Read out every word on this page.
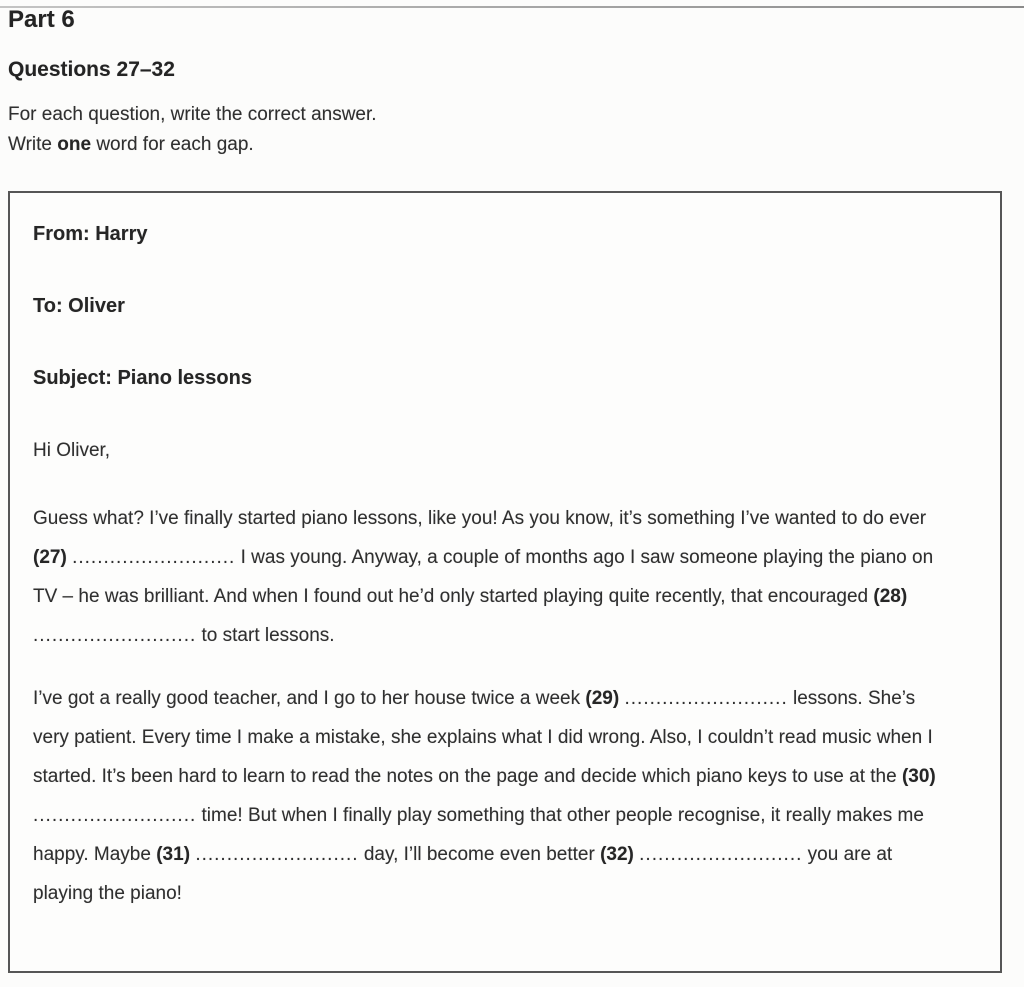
Part 6
Questions 27–32

For each question, write the correct answer.

Write one word for each gap.

From: Harry

To: Oliver

Subject: Piano lessons

Hi Oliver,

Guess what? I’ve finally started piano lessons, like you! As you know, it’s something I’ve wanted to do ever (27) .......................... I was young. Anyway, a couple of months ago I saw someone playing the piano on TV – he was brilliant. And when I found out he’d only started playing quite recently, that encouraged (28) .......................... to start lessons.

I’ve got a really good teacher, and I go to her house twice a week (29) .......................... lessons. She’s very patient. Every time I make a mistake, she explains what I did wrong. Also, I couldn’t read music when I started. It’s been hard to learn to read the notes on the page and decide which piano keys to use at the (30) .......................... time! But when I finally play something that other people recognise, it really makes me happy. Maybe (31) .......................... day, I’ll become even better (32) .......................... you are at playing the piano!
